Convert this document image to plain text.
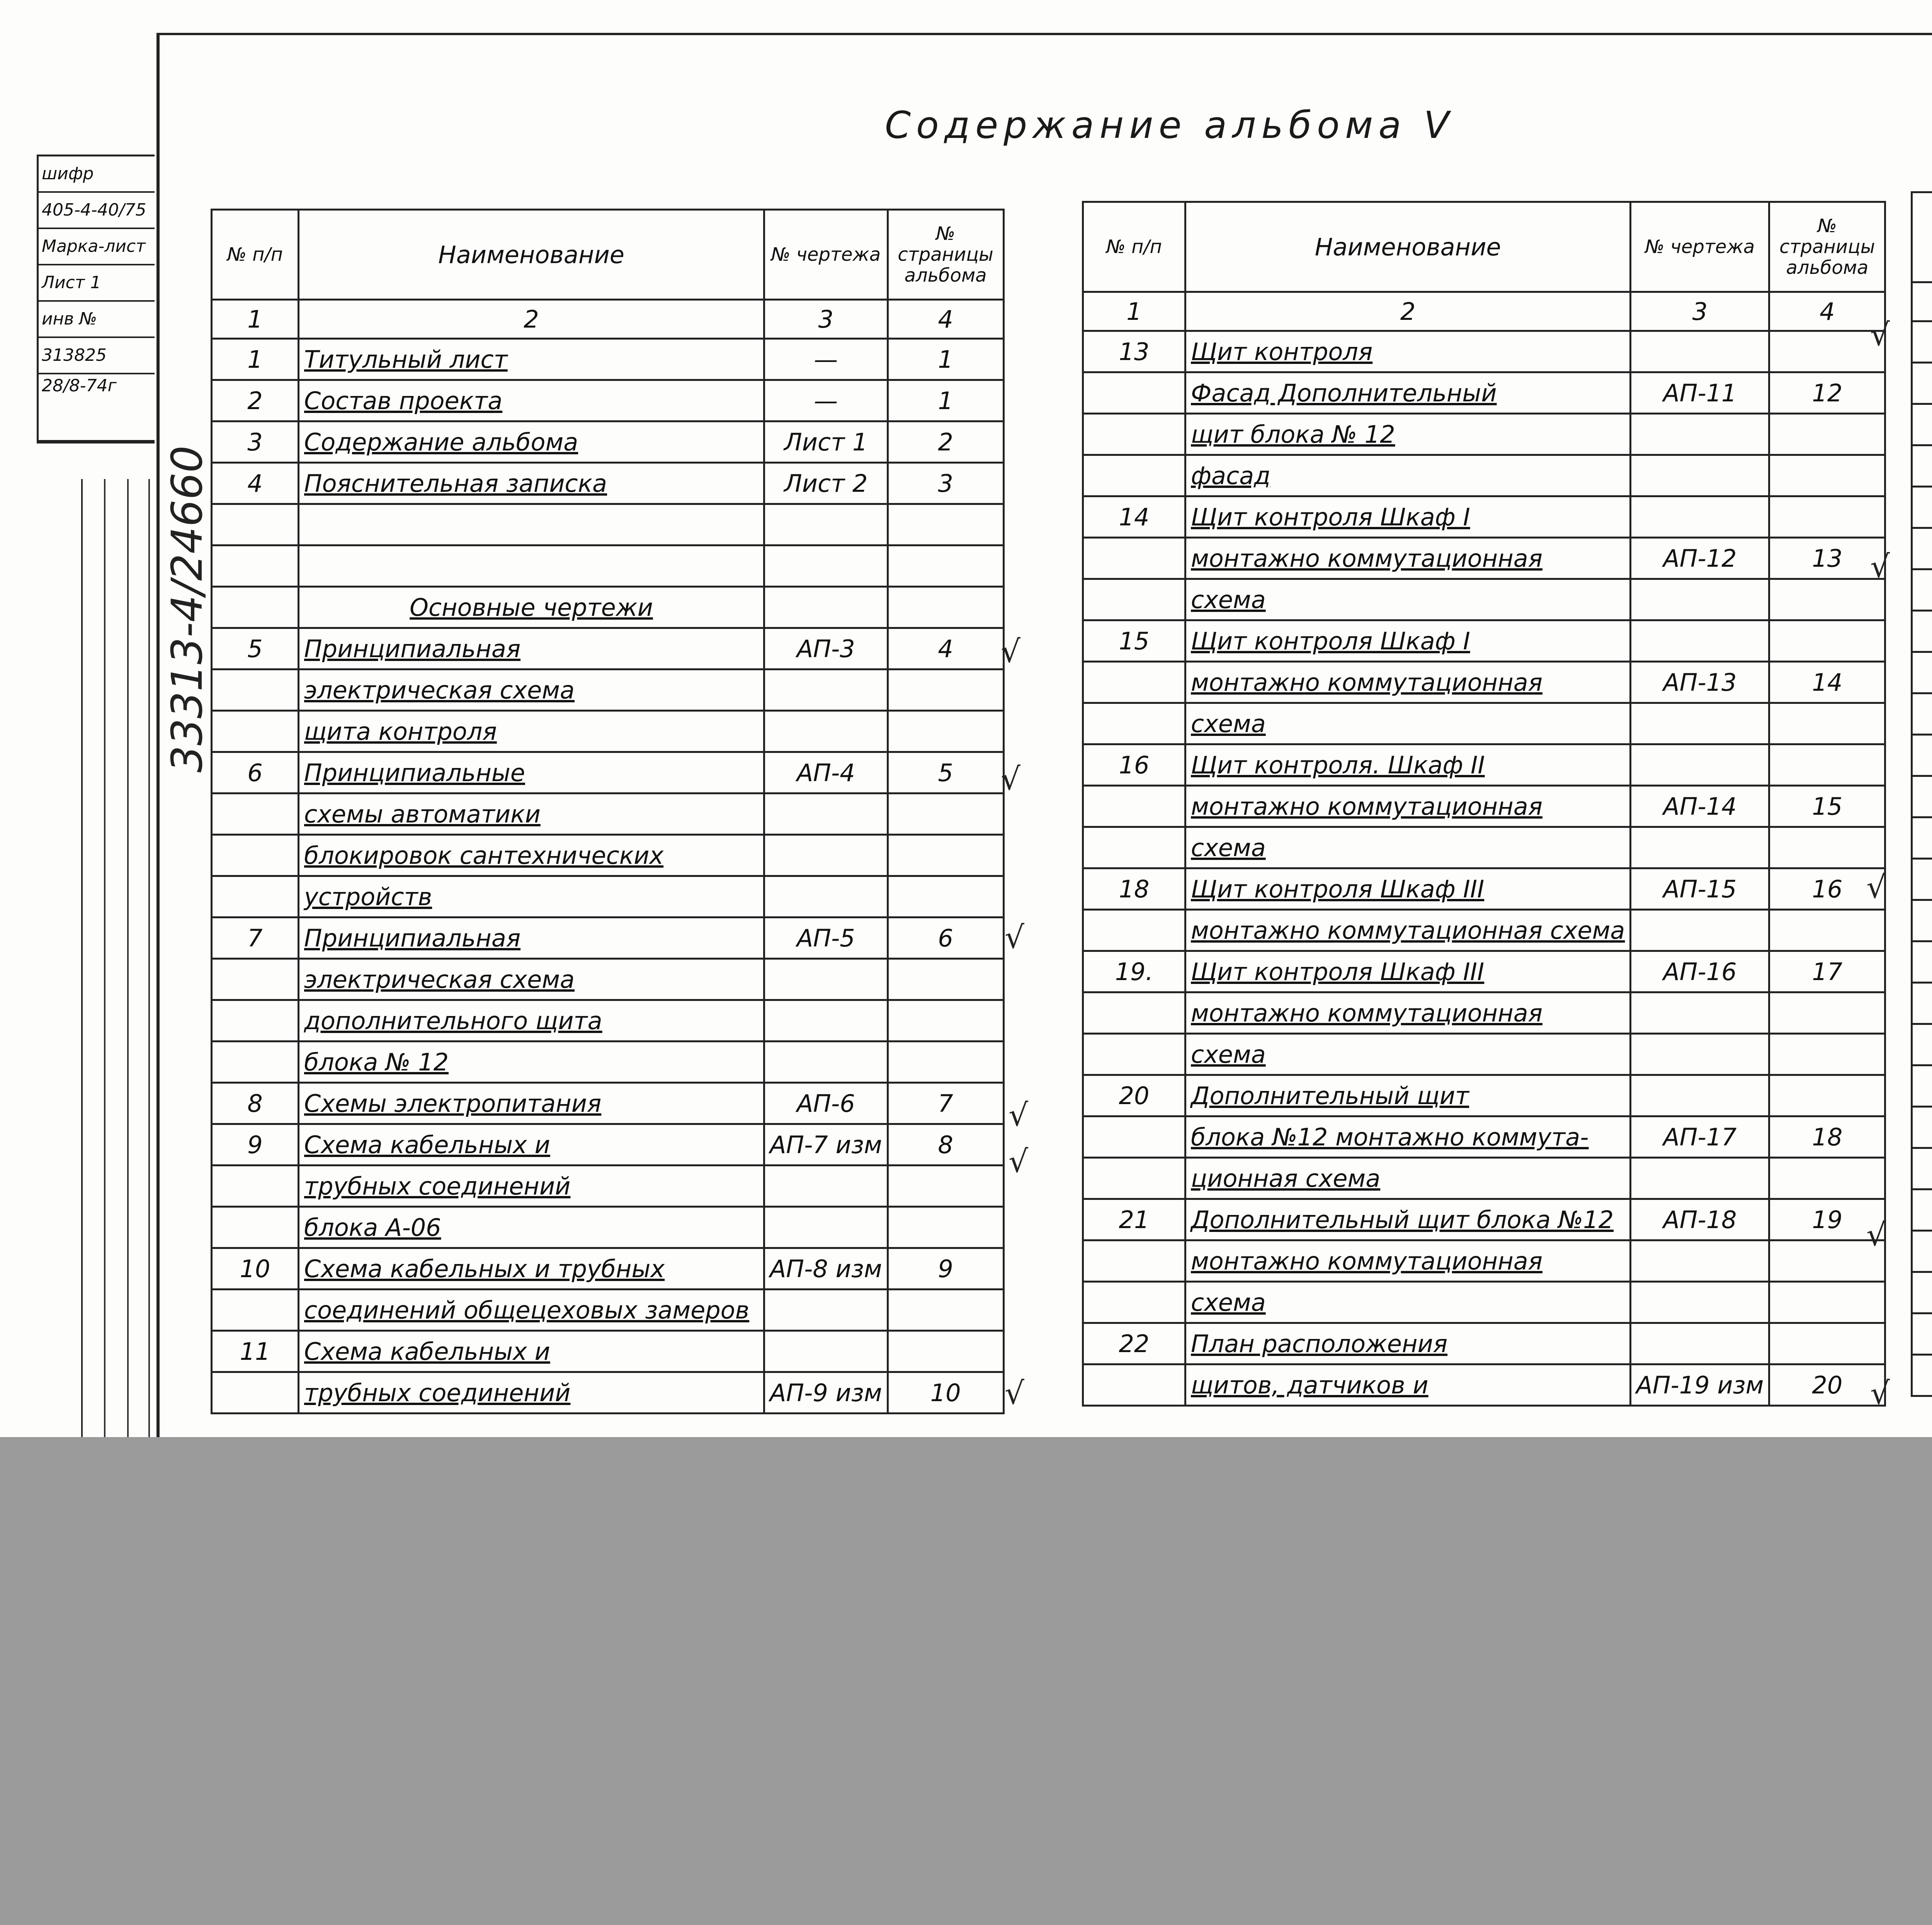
Содержание альбома V
шифр
405-4-40/75
Марка-лист
Лист 1
инв №
313825
28/8-74г
33313-4/24660
№ п/п	Наименование	№ чертежа	№ страницы альбома
1	2	3	4
1	Титульный лист	—	1
2	Состав проекта	—	1
3	Содержание альбома	Лист 1	2
4	Пояснительная записка	Лист 2	3

	Основные чертежи		
5	Принципиальная	АП-3	4
	электрическая схема		
	щита контроля		
6	Принципиальные	АП-4	5
	схемы автоматики		
	блокировок сантехнических		
	устройств		
7	Принципиальная	АП-5	6
	электрическая схема		
	дополнительного щита		
	блока № 12		
8	Схемы электропитания	АП-6	7
9	Схема кабельных и	АП-7 изм	8
	трубных соединений		
	блока А-06		
10	Схема кабельных и трубных	АП-8 изм	9
	соединений общецеховых замеров		
11	Схема кабельных и		
	трубных соединений	АП-9 изм	10
№ п/п	Наименование	№ чертежа	№ страницы альбома
1	2	3	4
13	Щит контроля		
	Фасад Дополнительный	АП-11	12
	щит блока № 12		
	фасад		
14	Щит контроля Шкаф I		
	монтажно коммутационная	АП-12	13
	схема		
15	Щит контроля Шкаф I		
	монтажно коммутационная	АП-13	14
	схема		
16	Щит контроля. Шкаф II		
	монтажно коммутационная	АП-14	15
	схема		
18	Щит контроля Шкаф III	АП-15	16
	монтажно коммутационная схема		
19.	Щит контроля Шкаф III	АП-16	17
	монтажно коммутационная		
	схема		
20	Дополнительный щит		
	блока №12 монтажно коммута-	АП-17	18
	ционная схема		
21	Дополнительный щит блока №12	АП-18	19
	монтажно коммутационная		
	схема		
22	План расположения		
	щитов, датчиков и	АП-19 изм	20

√
√
√
√
√
√
√
√
√
√
√
